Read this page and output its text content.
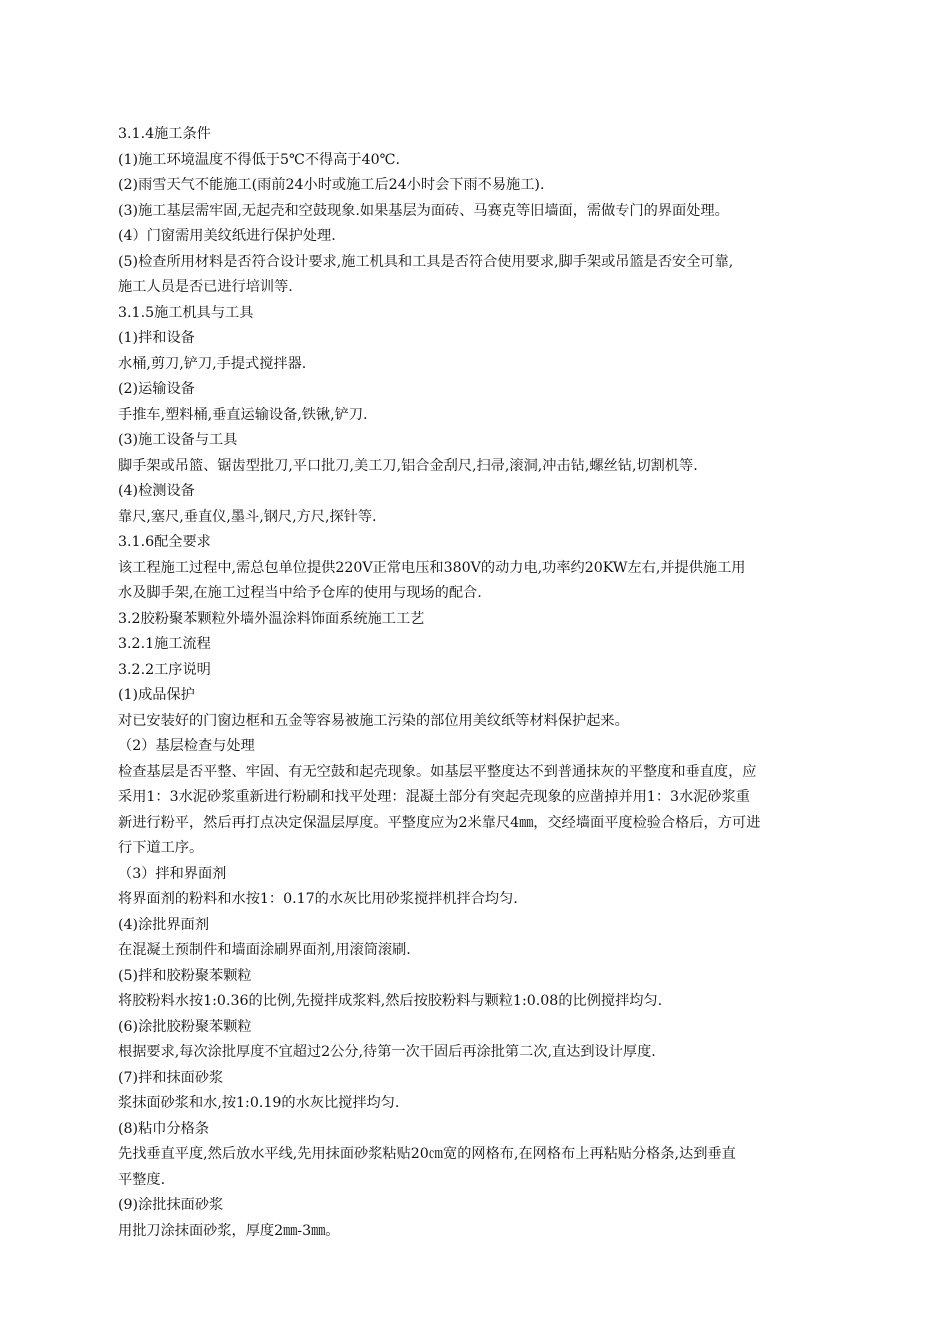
3.1.4施工条件
(1)施工环境温度不得低于5℃不得高于40℃.
(2)雨雪天气不能施工(雨前24小时或施工后24小时会下雨不易施工).
(3)施工基层需牢固,无起壳和空鼓现象.如果基层为面砖、马赛克等旧墙面，需做专门的界面处理。
(4）门窗需用美纹纸进行保护处理.
(5)检查所用材料是否符合设计要求,施工机具和工具是否符合使用要求,脚手架或吊篮是否安全可靠,
施工人员是否已进行培训等.
3.1.5施工机具与工具
(1)拌和设备
水桶,剪刀,铲刀,手提式搅拌器.
(2)运输设备
手推车,塑料桶,垂直运输设备,铁锹,铲刀.
(3)施工设备与工具
脚手架或吊篮、锯齿型批刀,平口批刀,美工刀,铝合金刮尺,扫帚,滚洞,冲击钻,螺丝钻,切割机等.
(4)检测设备
靠尺,塞尺,垂直仪,墨斗,钢尺,方尺,探针等.
3.1.6配全要求
该工程施工过程中,需总包单位提供220V正常电压和380V的动力电,功率约20KW左右,并提供施工用
水及脚手架,在施工过程当中给予仓库的使用与现场的配合.
3.2胶粉聚苯颗粒外墙外温涂料饰面系统施工工艺
3.2.1施工流程
3.2.2工序说明
(1)成品保护
对已安装好的门窗边框和五金等容易被施工污染的部位用美纹纸等材料保护起来。
（2）基层检查与处理
检查基层是否平整、牢固、有无空鼓和起壳现象。如基层平整度达不到普通抹灰的平整度和垂直度，应
采用1：3水泥砂浆重新进行粉刷和找平处理：混凝土部分有突起壳现象的应凿掉并用1：3水泥砂浆重
新进行粉平，然后再打点决定保温层厚度。平整度应为2米靠尺4㎜，交经墙面平度检验合格后，方可进
行下道工序。
（3）拌和界面剂
将界面剂的粉料和水按1：0.17的水灰比用砂浆搅拌机拌合均匀.
(4)涂批界面剂
在混凝土预制件和墙面涂刷界面剂,用滚筒滚刷.
(5)拌和胶粉聚苯颗粒
将胶粉料水按1:0.36的比例,先搅拌成浆料,然后按胶粉料与颗粒1:0.08的比例搅拌均匀.
(6)涂批胶粉聚苯颗粒
根据要求,每次涂批厚度不宜超过2公分,待第一次干固后再涂批第二次,直达到设计厚度.
(7)拌和抹面砂浆
浆抹面砂浆和水,按1:0.19的水灰比搅拌均匀.
(8)粘巾分格条
先找垂直平度,然后放水平线,先用抹面砂浆粘贴20㎝宽的网格布,在网格布上再粘贴分格条,达到垂直
平整度.
(9)涂批抹面砂浆
用批刀涂抹面砂浆，厚度2㎜-3㎜。
